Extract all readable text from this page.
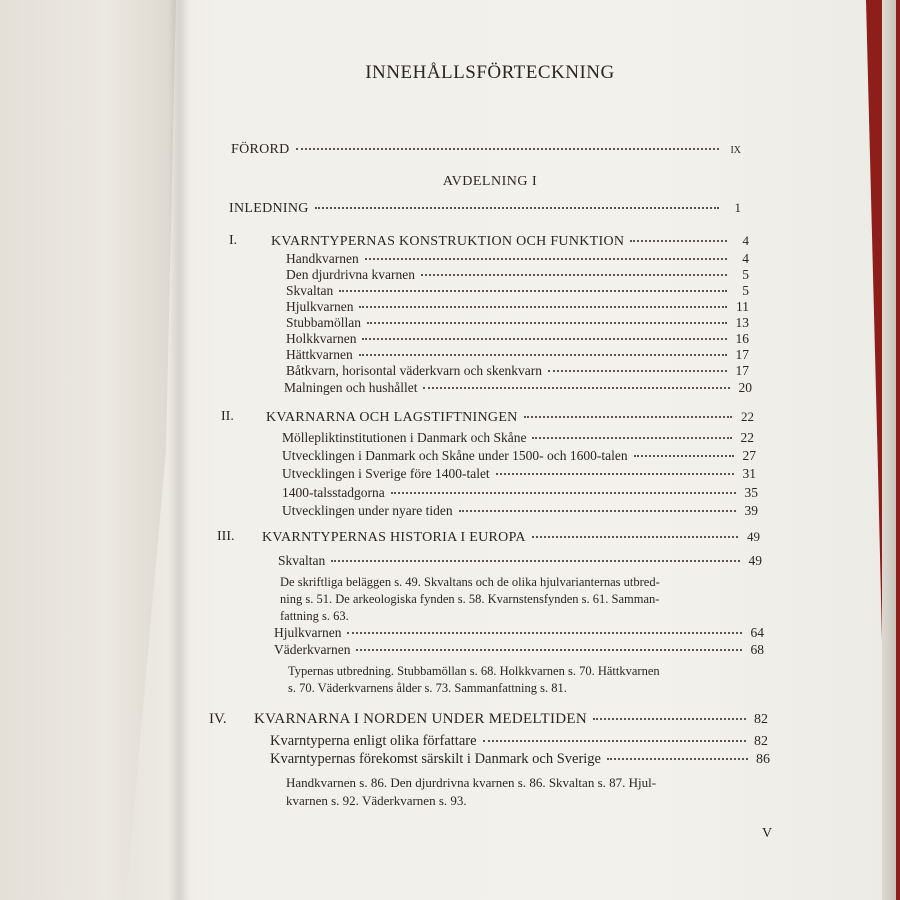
INNEHÅLLSFÖRTECKNING
FÖRORD	IX
AVDELNING I
INLEDNING	1
I. KVARNTYPERNAS KONSTRUKTION OCH FUNKTION	4
Handkvarnen	4
Den djurdrivna kvarnen	5
Skvaltan	5
Hjulkvarnen	11
Stubbamöllan	13
Holkkvarnen	16
Hättkvarnen	17
Båtkvarn, horisontal väderkvarn och skenkvarn	17
Malningen och hushållet	20
II. KVARNARNA OCH LAGSTIFTNINGEN	22
Möllepliktinstitutionen i Danmark och Skåne	22
Utvecklingen i Danmark och Skåne under 1500- och 1600-talen	27
Utvecklingen i Sverige före 1400-talet	31
1400-talsstadgorna	35
Utvecklingen under nyare tiden	39
III. KVARNTYPERNAS HISTORIA I EUROPA	49
Skvaltan	49
De skriftliga beläggen s. 49. Skvaltans och de olika hjulvarianternas utbred-
ning s. 51. De arkeologiska fynden s. 58. Kvarnstensfynden s. 61. Samman-
fattning s. 63.
Hjulkvarnen	64
Väderkvarnen	68
Typernas utbredning. Stubbamöllan s. 68. Holkkvarnen s. 70. Hättkvarnen
s. 70. Väderkvarnens ålder s. 73. Sammanfattning s. 81.
IV. KVARNARNA I NORDEN UNDER MEDELTIDEN	82
Kvarntyperna enligt olika författare	82
Kvarntypernas förekomst särskilt i Danmark och Sverige	86
Handkvarnen s. 86. Den djurdrivna kvarnen s. 86. Skvaltan s. 87. Hjul-
kvarnen s. 92. Väderkvarnen s. 93.
V
